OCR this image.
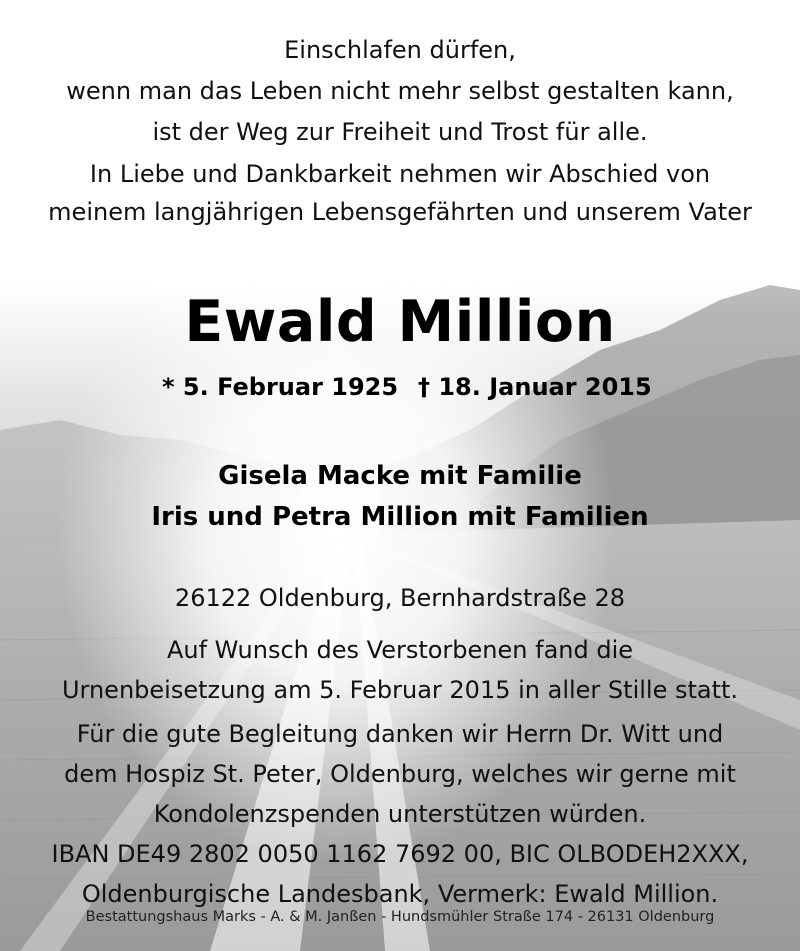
Einschlafen dürfen,
wenn man das Leben nicht mehr selbst gestalten kann,
ist der Weg zur Freiheit und Trost für alle.
In Liebe und Dankbarkeit nehmen wir Abschied von
meinem langjährigen Lebensgefährten und unserem Vater
Ewald Million
* 5. Februar 1925 † 18. Januar 2015
Gisela Macke mit Familie
Iris und Petra Million mit Familien
26122 Oldenburg, Bernhardstraße 28
Auf Wunsch des Verstorbenen fand die
Urnenbeisetzung am 5. Februar 2015 in aller Stille statt.
Für die gute Begleitung danken wir Herrn Dr. Witt und
dem Hospiz St. Peter, Oldenburg, welches wir gerne mit
Kondolenzspenden unterstützen würden.
IBAN DE49 2802 0050 1162 7692 00, BIC OLBODEH2XXX,
Oldenburgische Landesbank, Vermerk: Ewald Million.
Bestattungshaus Marks - A. & M. Janßen - Hundsmühler Straße 174 - 26131 Oldenburg
